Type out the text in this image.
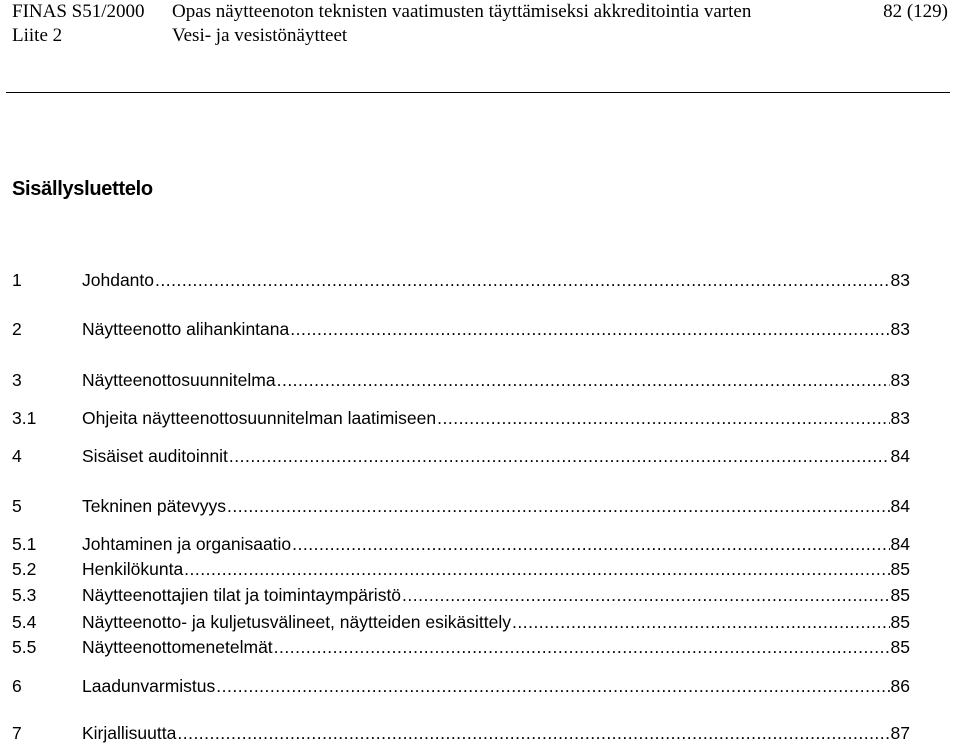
FINAS S51/2000 Opas näytteenoton teknisten vaatimusten täyttämiseksi akkreditointia varten	82 (129)
Liite 2	Vesi- ja vesistönäytteet
Sisällysluettelo
1	Johdanto .....	83
2	Näytteenotto alihankintana .....	83
3	Näytteenottosuunnitelma .....	83
3.1	Ohjeita näytteenottosuunnitelman laatimiseen .....	83
4	Sisäiset auditoinnit .....	84
5	Tekninen pätevyys .....	84
5.1	Johtaminen ja organisaatio .....	84
5.2	Henkilökunta .....	85
5.3	Näytteenottajien tilat ja toimintaympäristö .....	85
5.4	Näytteenotto- ja kuljetusvälineet, näytteiden esikäsittely .....	85
5.5	Näytteenottomenetelmät .....	85
6	Laadunvarmistus .....	86
7	Kirjallisuutta .....	87
